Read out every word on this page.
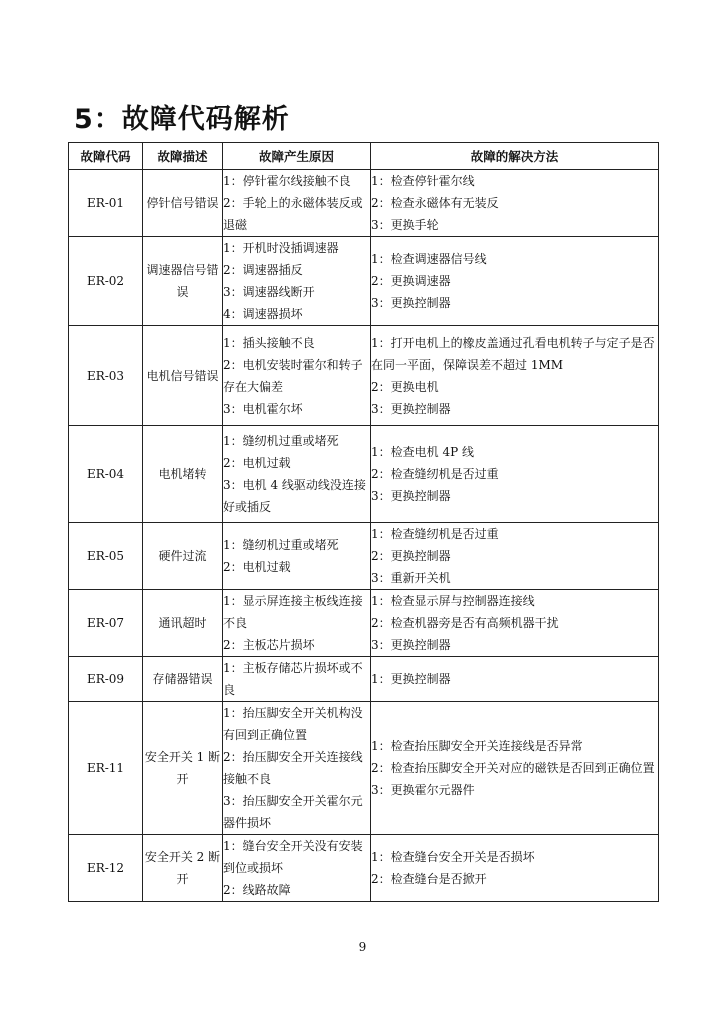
5：故障代码解析
故障代码	故障描述	故障产生原因	故障的解决方法
ER-01	停针信号错误	1：停针霍尔线接触不良
2：手轮上的永磁体装反或退磁	1：检查停针霍尔线
2：检查永磁体有无装反
3：更换手轮

ER-02	调速器信号错误	1：开机时没插调速器
2：调速器插反
3：调速器线断开
4：调速器损坏	1：检查调速器信号线
2：更换调速器
3：更换控制器

ER-03	电机信号错误	1：插头接触不良
2：电机安装时霍尔和转子存在大偏差
3：电机霍尔坏	1：打开电机上的橡皮盖通过孔看电机转子与定子是否在同一平面，保障误差不超过 1MM
2：更换电机
3：更换控制器

ER-04	电机堵转	1：缝纫机过重或堵死
2：电机过载
3：电机 4 线驱动线没连接好或插反	1：检查电机 4P 线
2：检查缝纫机是否过重
3：更换控制器

ER-05	硬件过流	1：缝纫机过重或堵死
2：电机过载	1：检查缝纫机是否过重
2：更换控制器
3：重新开关机

ER-07	通讯超时	1：显示屏连接主板线连接不良
2：主板芯片损坏	1：检查显示屏与控制器连接线
2：检查机器旁是否有高频机器干扰
3：更换控制器

ER-09	存储器错误	1：主板存储芯片损坏或不良	1：更换控制器

ER-11	安全开关 1 断开	1：抬压脚安全开关机构没有回到正确位置
2：抬压脚安全开关连接线接触不良
3：抬压脚安全开关霍尔元器件损坏	1：检查抬压脚安全开关连接线是否异常
2：检查抬压脚安全开关对应的磁铁是否回到正确位置
3：更换霍尔元器件

ER-12	安全开关 2 断开	1：缝台安全开关没有安装到位或损坏
2：线路故障	1：检查缝台安全开关是否损坏
2：检查缝台是否掀开
9
